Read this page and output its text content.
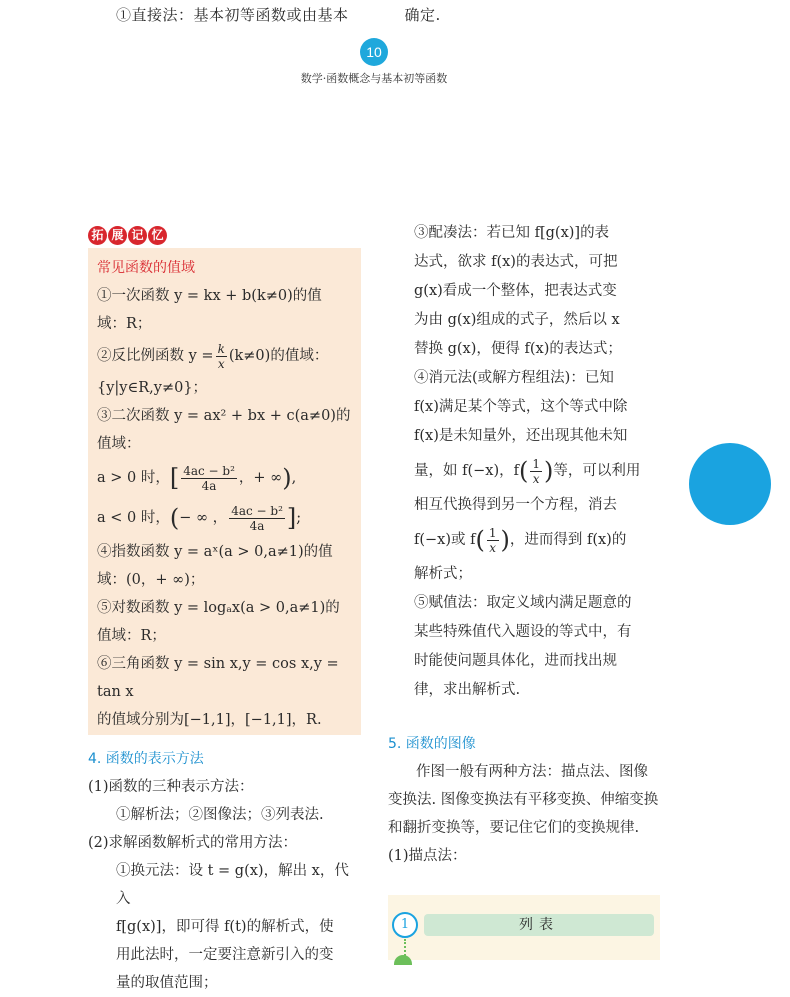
①直接法：基本初等函数或由基本	确定.
10
数学·函数概念与基本初等函数
拓 展 记 忆
常见函数的值域
①一次函数 y = kx + b(k≠0)的值
域：R；
②反比例函数 $y = \frac{k}{x} (k\ne 0)$的值域：
{y|y∈R,y≠0}；
③二次函数 y = ax² + bx + c(a≠0)的
值域：
a > 0 时，[ $\frac{\text{4ac − b²}}{4a}$ ，+ ∞),
a < 0 时，(− ∞ ， $\frac{\text{4ac − b²}}{4a}$ ];
④指数函数 y = aˣ(a > 0,a≠1)的值
域：(0，+ ∞)；
⑤对数函数 y = logₐx(a > 0,a≠1)的
值域：R；
⑥三角函数 y = sin x,y = cos x,y = tan x
的值域分别为[−1,1]，[−1,1]，R.
4. 函数的表示方法
(1)函数的三种表示方法：
①解析法；②图像法；③列表法.
(2)求解函数解析式的常用方法：
①换元法：设 t = g(x)，解出 x，代入
f[g(x)]，即可得 f(t)的解析式，使
用此法时，一定要注意新引入的变
量的取值范围；

③配凑法：若已知 f[g(x)]的表

达式，欲求 f(x)的表达式，可把

g(x)看成一个整体，把表达式变

为由 g(x)组成的式子，然后以 x

替换 g(x)，便得 f(x)的表达式；

④消元法(或解方程组法)：已知

f(x)满足某个等式，这个等式中除

f(x)是未知量外，还出现其他未知

量，如 f(−x)，$f( \frac{1}{x}$ )等，可以利用

相互代换得到另一个方程，消去

f(−x)或 $f( \frac{1}{x}$ )，进而得到 f(x)的

解析式；

⑤赋值法：取定义域内满足题意的

某些特殊值代入题设的等式中，有

时能使问题具体化，进而找出规

律，求出解析式.

5. 函数的图像
作图一般有两种方法：描点法、图像变换法. 图像变换法有平移变换、伸缩变换和翻折变换等，要记住它们的变换规律.
(1)描点法：
1	列表
